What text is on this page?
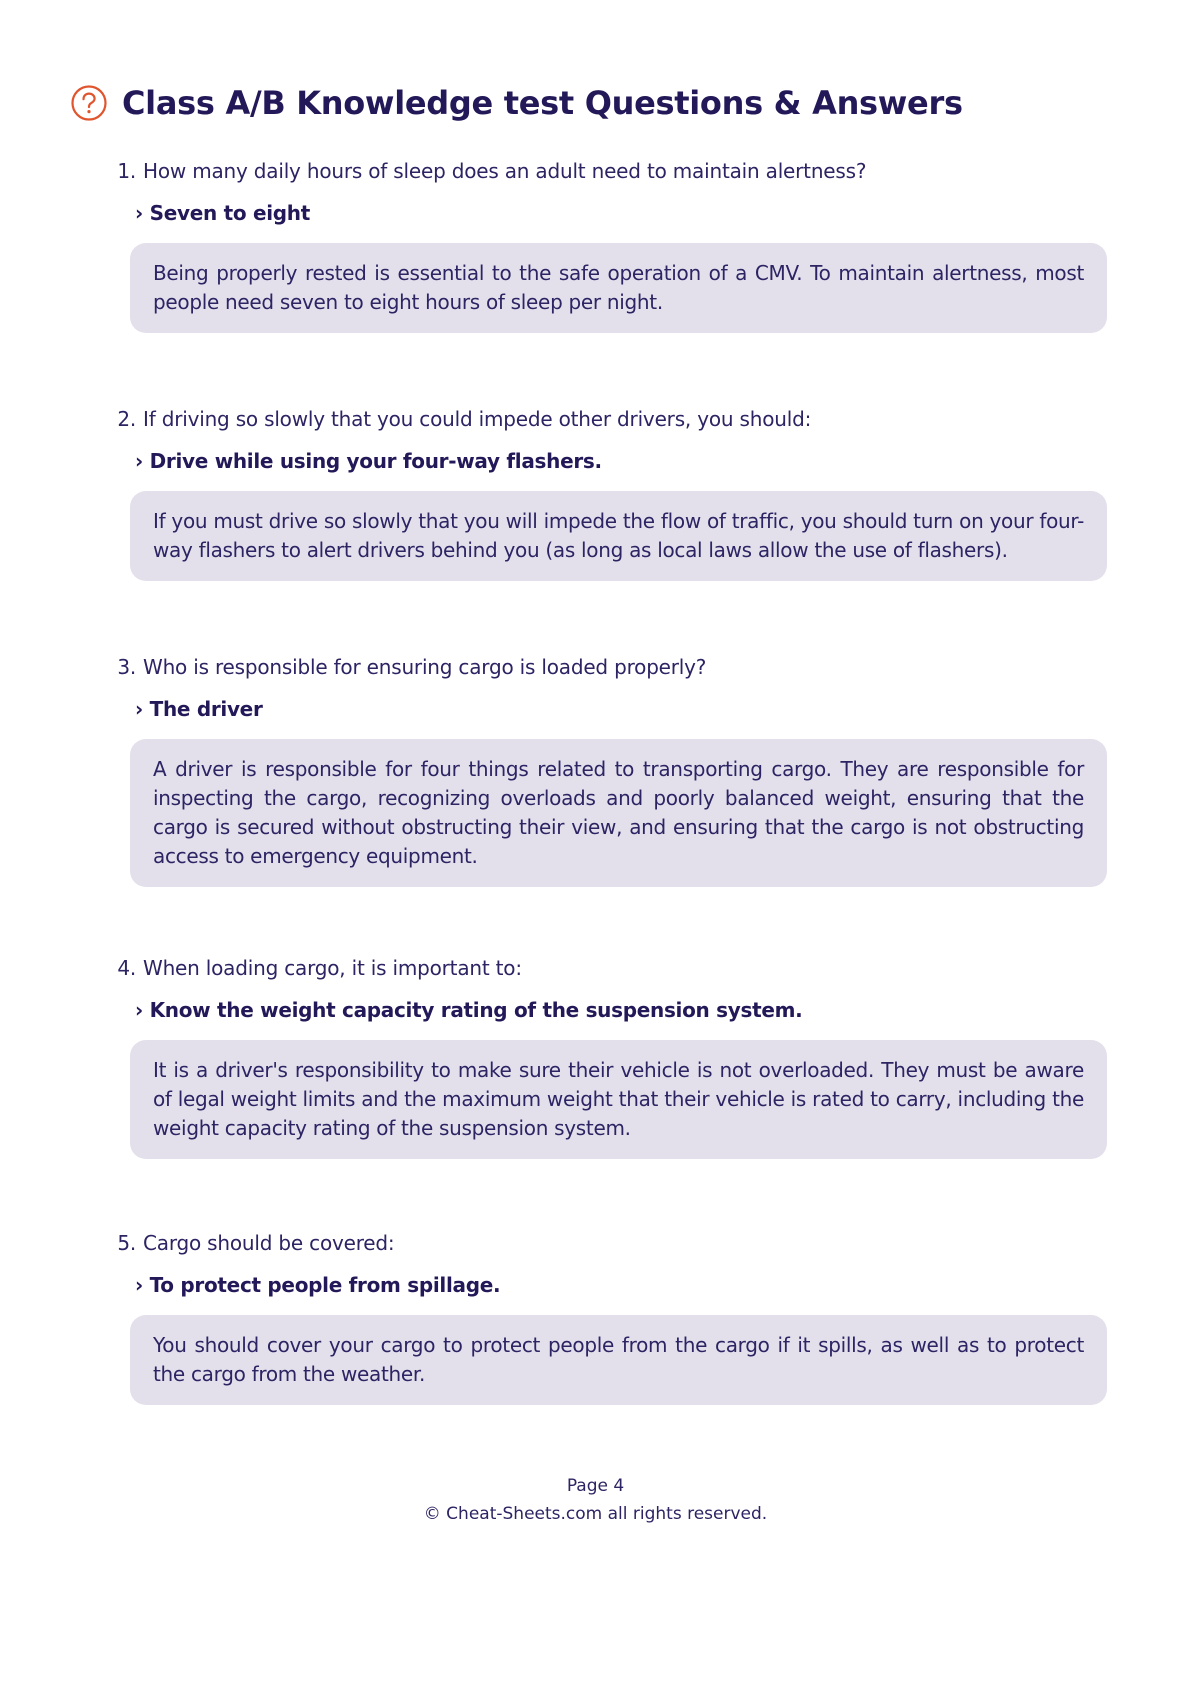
Class A/B Knowledge test Questions & Answers
1. How many daily hours of sleep does an adult need to maintain alertness?
› Seven to eight
Being properly rested is essential to the safe operation of a CMV. To maintain alertness, most people need seven to eight hours of sleep per night.
2. If driving so slowly that you could impede other drivers, you should:
› Drive while using your four-way flashers.
If you must drive so slowly that you will impede the flow of traffic, you should turn on your four-way flashers to alert drivers behind you (as long as local laws allow the use of flashers).
3. Who is responsible for ensuring cargo is loaded properly?
› The driver
A driver is responsible for four things related to transporting cargo. They are responsible for inspecting the cargo, recognizing overloads and poorly balanced weight, ensuring that the cargo is secured without obstructing their view, and ensuring that the cargo is not obstructing access to emergency equipment.
4. When loading cargo, it is important to:
› Know the weight capacity rating of the suspension system.
It is a driver's responsibility to make sure their vehicle is not overloaded. They must be aware of legal weight limits and the maximum weight that their vehicle is rated to carry, including the weight capacity rating of the suspension system.
5. Cargo should be covered:
› To protect people from spillage.
You should cover your cargo to protect people from the cargo if it spills, as well as to protect the cargo from the weather.
Page 4
© Cheat-Sheets.com all rights reserved.
